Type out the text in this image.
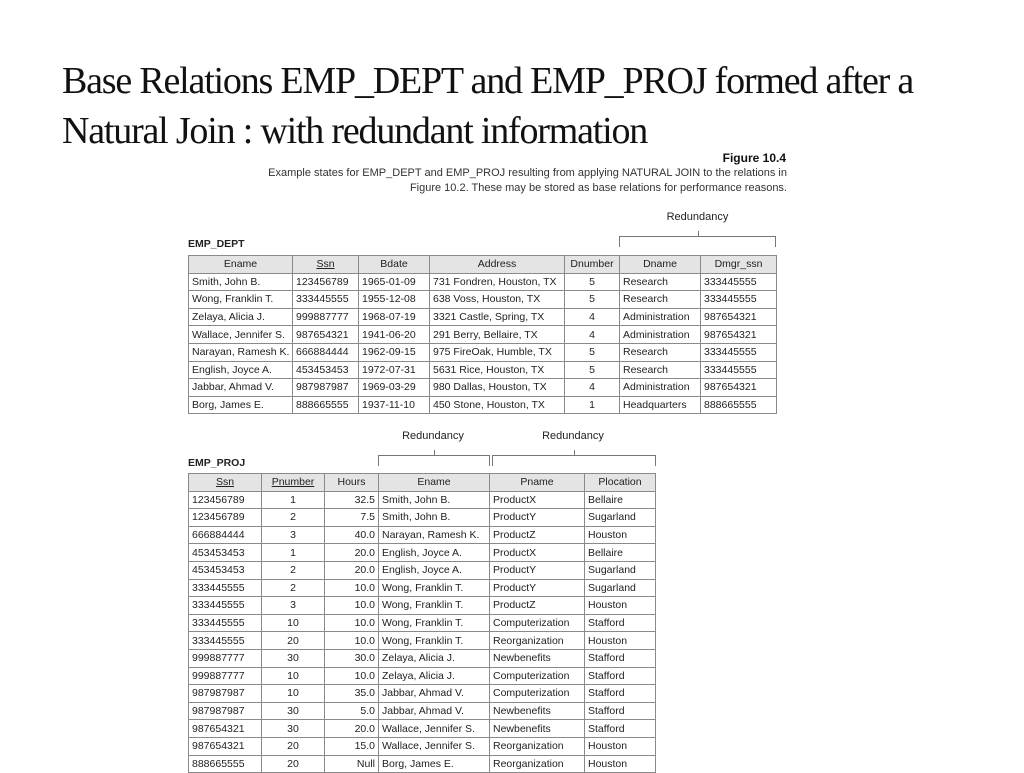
Base Relations EMP_DEPT and EMP_PROJ formed after a Natural Join : with redundant information
Figure 10.4
Example states for EMP_DEPT and EMP_PROJ resulting from applying NATURAL JOIN to the relations in Figure 10.2. These may be stored as base relations for performance reasons.
Redundancy
EMP_DEPT
Ename	Ssn	Bdate	Address	Dnumber	Dname	Dmgr_ssn
Smith, John B.	123456789	1965-01-09	731 Fondren, Houston, TX	5	Research	333445555
Wong, Franklin T.	333445555	1955-12-08	638 Voss, Houston, TX	5	Research	333445555
Zelaya, Alicia J.	999887777	1968-07-19	3321 Castle, Spring, TX	4	Administration	987654321
Wallace, Jennifer S.	987654321	1941-06-20	291 Berry, Bellaire, TX	4	Administration	987654321
Narayan, Ramesh K.	666884444	1962-09-15	975 FireOak, Humble, TX	5	Research	333445555
English, Joyce A.	453453453	1972-07-31	5631 Rice, Houston, TX	5	Research	333445555
Jabbar, Ahmad V.	987987987	1969-03-29	980 Dallas, Houston, TX	4	Administration	987654321
Borg, James E.	888665555	1937-11-10	450 Stone, Houston, TX	1	Headquarters	888665555
Redundancy	Redundancy
EMP_PROJ
Ssn	Pnumber	Hours	Ename	Pname	Plocation
123456789	1	32.5	Smith, John B.	ProductX	Bellaire
123456789	2	7.5	Smith, John B.	ProductY	Sugarland
666884444	3	40.0	Narayan, Ramesh K.	ProductZ	Houston
453453453	1	20.0	English, Joyce A.	ProductX	Bellaire
453453453	2	20.0	English, Joyce A.	ProductY	Sugarland
333445555	2	10.0	Wong, Franklin T.	ProductY	Sugarland
333445555	3	10.0	Wong, Franklin T.	ProductZ	Houston
333445555	10	10.0	Wong, Franklin T.	Computerization	Stafford
333445555	20	10.0	Wong, Franklin T.	Reorganization	Houston
999887777	30	30.0	Zelaya, Alicia J.	Newbenefits	Stafford
999887777	10	10.0	Zelaya, Alicia J.	Computerization	Stafford
987987987	10	35.0	Jabbar, Ahmad V.	Computerization	Stafford
987987987	30	5.0	Jabbar, Ahmad V.	Newbenefits	Stafford
987654321	30	20.0	Wallace, Jennifer S.	Newbenefits	Stafford
987654321	20	15.0	Wallace, Jennifer S.	Reorganization	Houston
888665555	20	Null	Borg, James E.	Reorganization	Houston
